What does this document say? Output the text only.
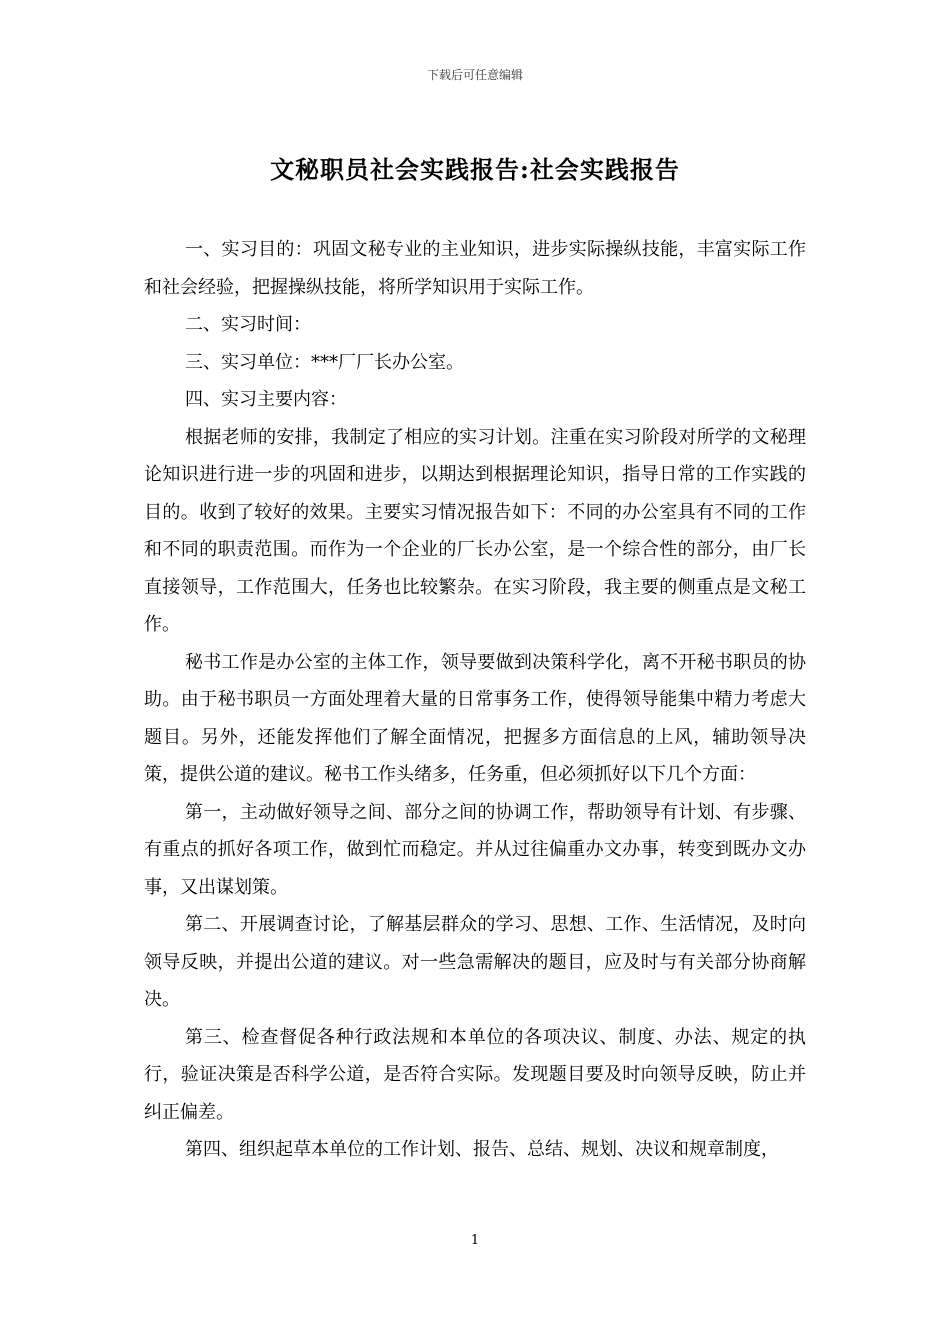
下载后可任意编辑
文秘职员社会实践报告:社会实践报告

一、实习目的：巩固文秘专业的主业知识，进步实际操纵技能，丰富实际工作和社会经验，把握操纵技能，将所学知识用于实际工作。

二、实习时间：

三、实习单位：***厂厂长办公室。

四、实习主要内容：

根据老师的安排，我制定了相应的实习计划。注重在实习阶段对所学的文秘理论知识进行进一步的巩固和进步，以期达到根据理论知识，指导日常的工作实践的目的。收到了较好的效果。主要实习情况报告如下：不同的办公室具有不同的工作和不同的职责范围。而作为一个企业的厂长办公室，是一个综合性的部分，由厂长直接领导，工作范围大，任务也比较繁杂。在实习阶段，我主要的侧重点是文秘工作。

秘书工作是办公室的主体工作，领导要做到决策科学化，离不开秘书职员的协助。由于秘书职员一方面处理着大量的日常事务工作，使得领导能集中精力考虑大题目。另外，还能发挥他们了解全面情况，把握多方面信息的上风，辅助领导决策，提供公道的建议。秘书工作头绪多，任务重，但必须抓好以下几个方面：

第一，主动做好领导之间、部分之间的协调工作，帮助领导有计划、有步骤、有重点的抓好各项工作，做到忙而稳定。并从过往偏重办文办事，转变到既办文办事，又出谋划策。

第二、开展调查讨论，了解基层群众的学习、思想、工作、生活情况，及时向领导反映，并提出公道的建议。对一些急需解决的题目，应及时与有关部分协商解决。

第三、检查督促各种行政法规和本单位的各项决议、制度、办法、规定的执行，验证决策是否科学公道，是否符合实际。发现题目要及时向领导反映，防止并纠正偏差。

第四、组织起草本单位的工作计划、报告、总结、规划、决议和规章制度，

1
